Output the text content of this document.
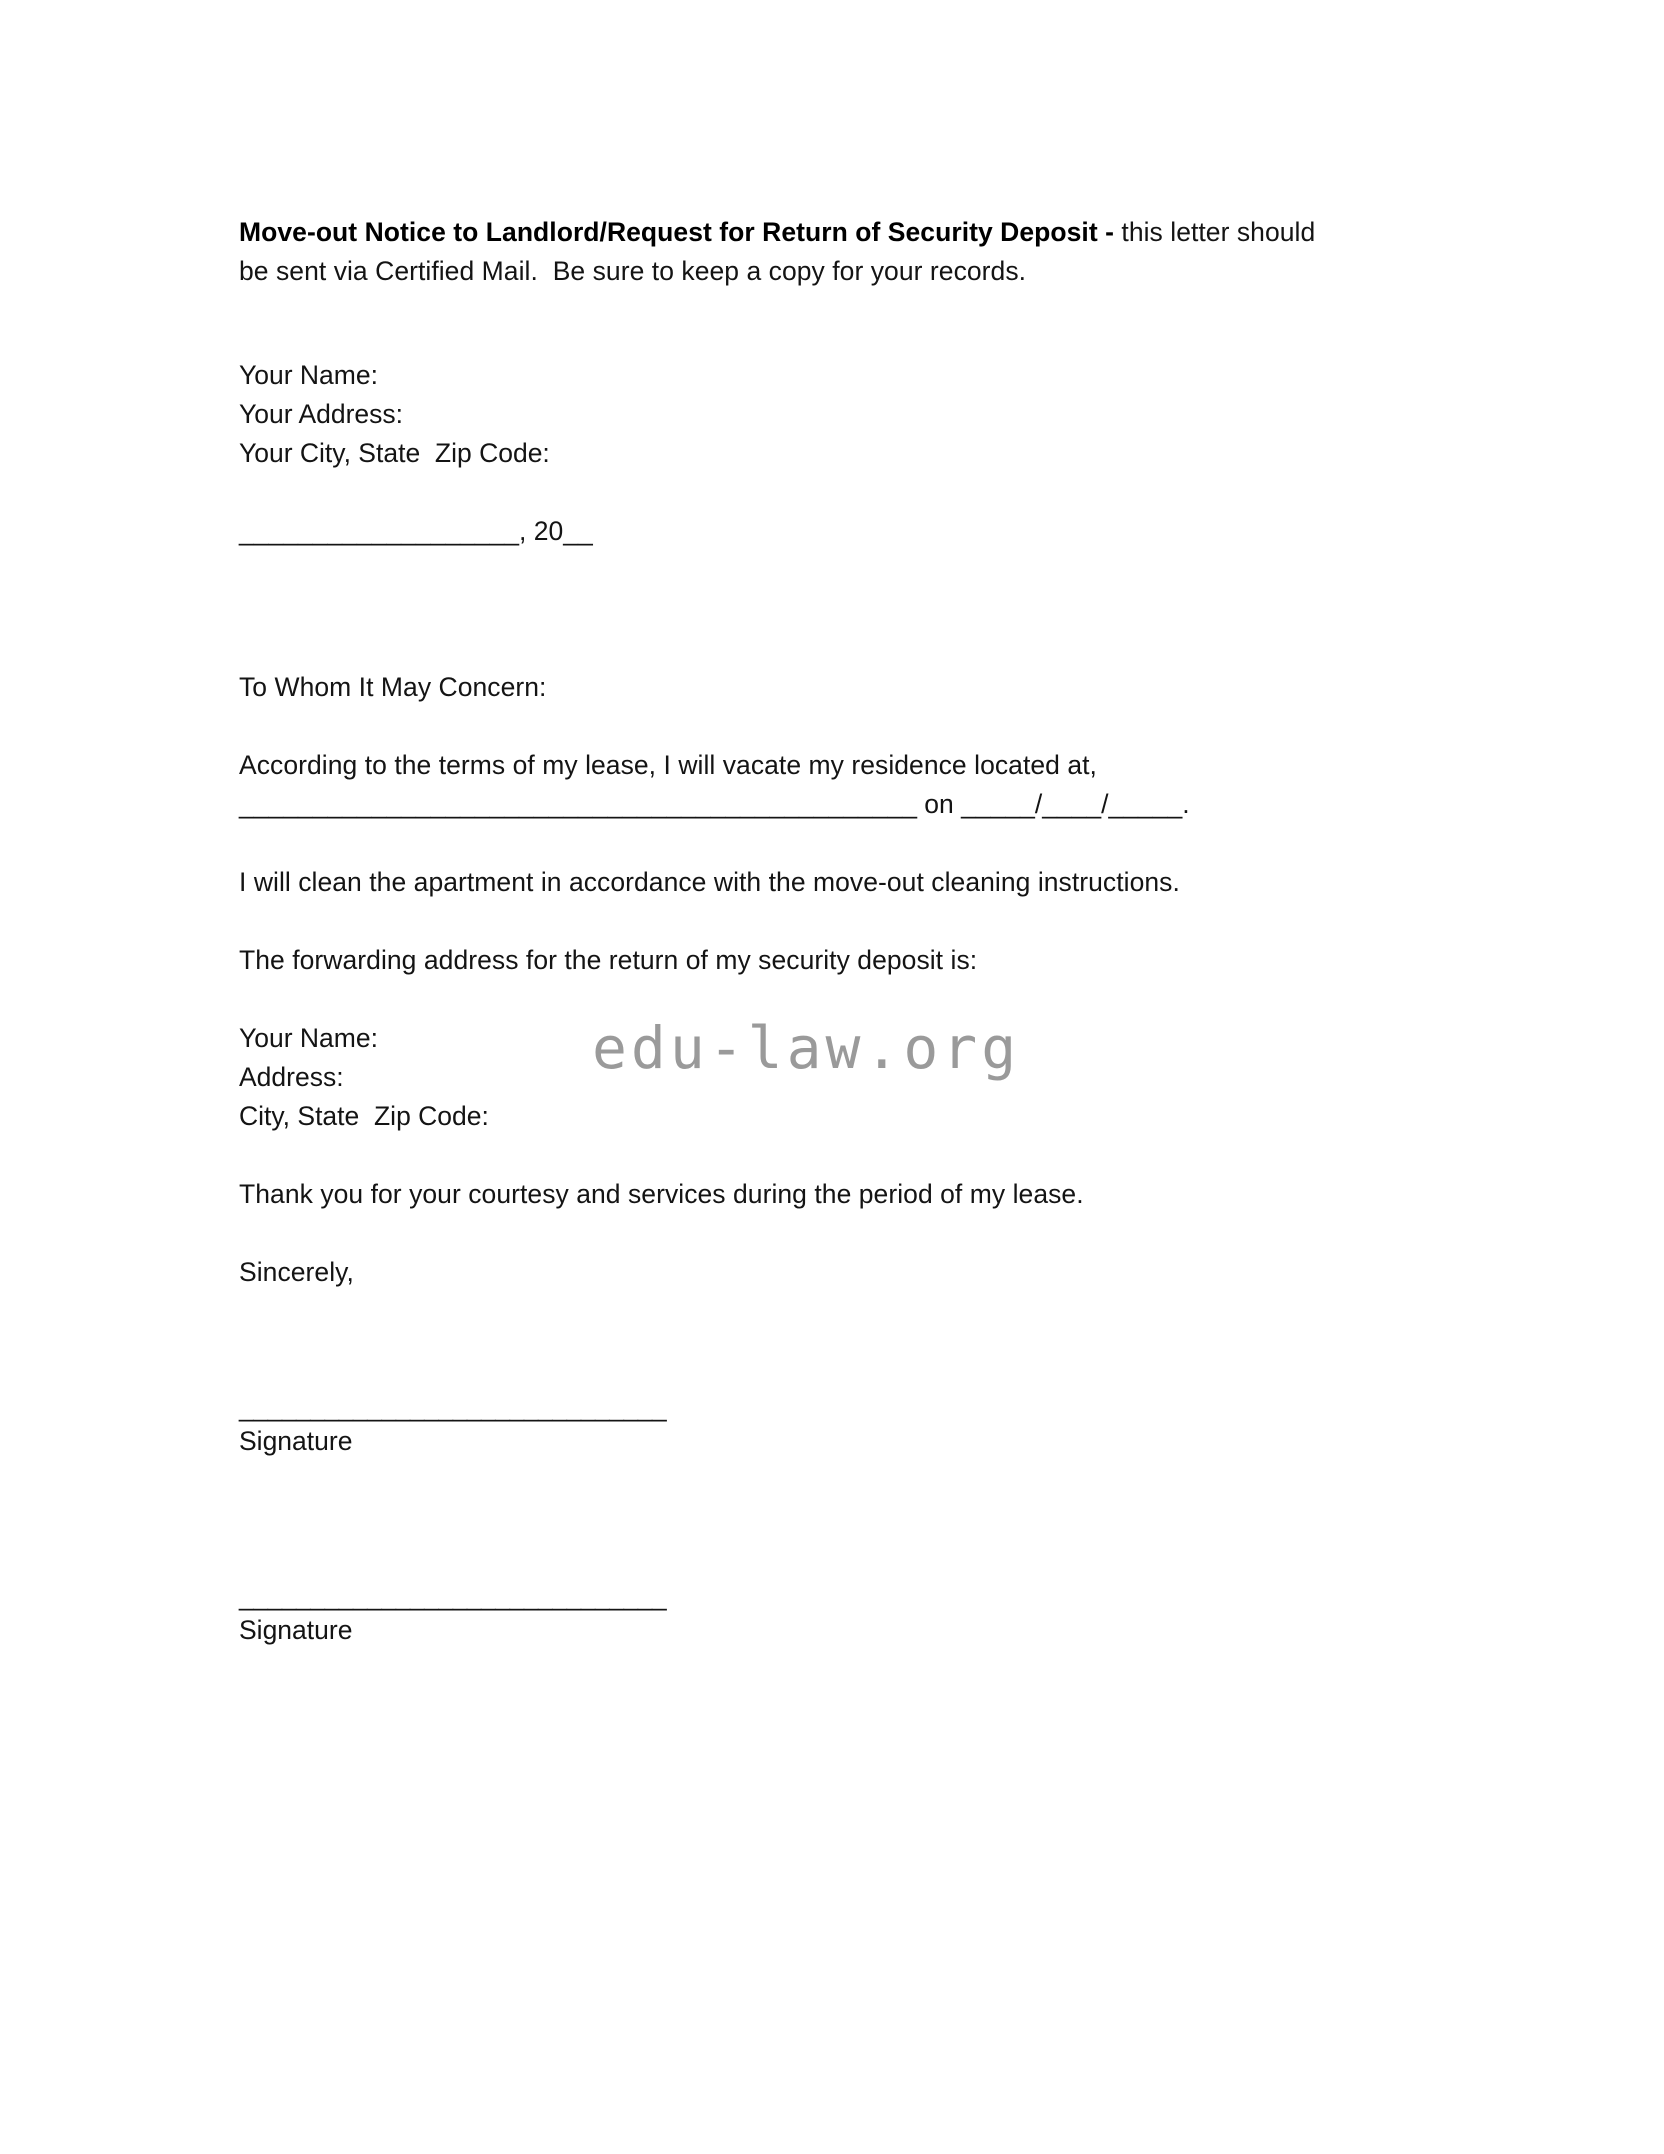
Move-out Notice to Landlord/Request for Return of Security Deposit - this letter should be sent via Certified Mail.  Be sure to keep a copy for your records.

Your Name:
Your Address:
Your City, State  Zip Code:
___________________, 20__
To Whom It May Concern:
According to the terms of my lease, I will vacate my residence located at,
______________________________________________ on _____/____/_____.
I will clean the apartment in accordance with the move-out cleaning instructions.
The forwarding address for the return of my security deposit is:
Your Name:
Address:
City, State  Zip Code:
Thank you for your courtesy and services during the period of my lease.
Sincerely,
______________________________
Signature
______________________________
Signature
edu-law.org
